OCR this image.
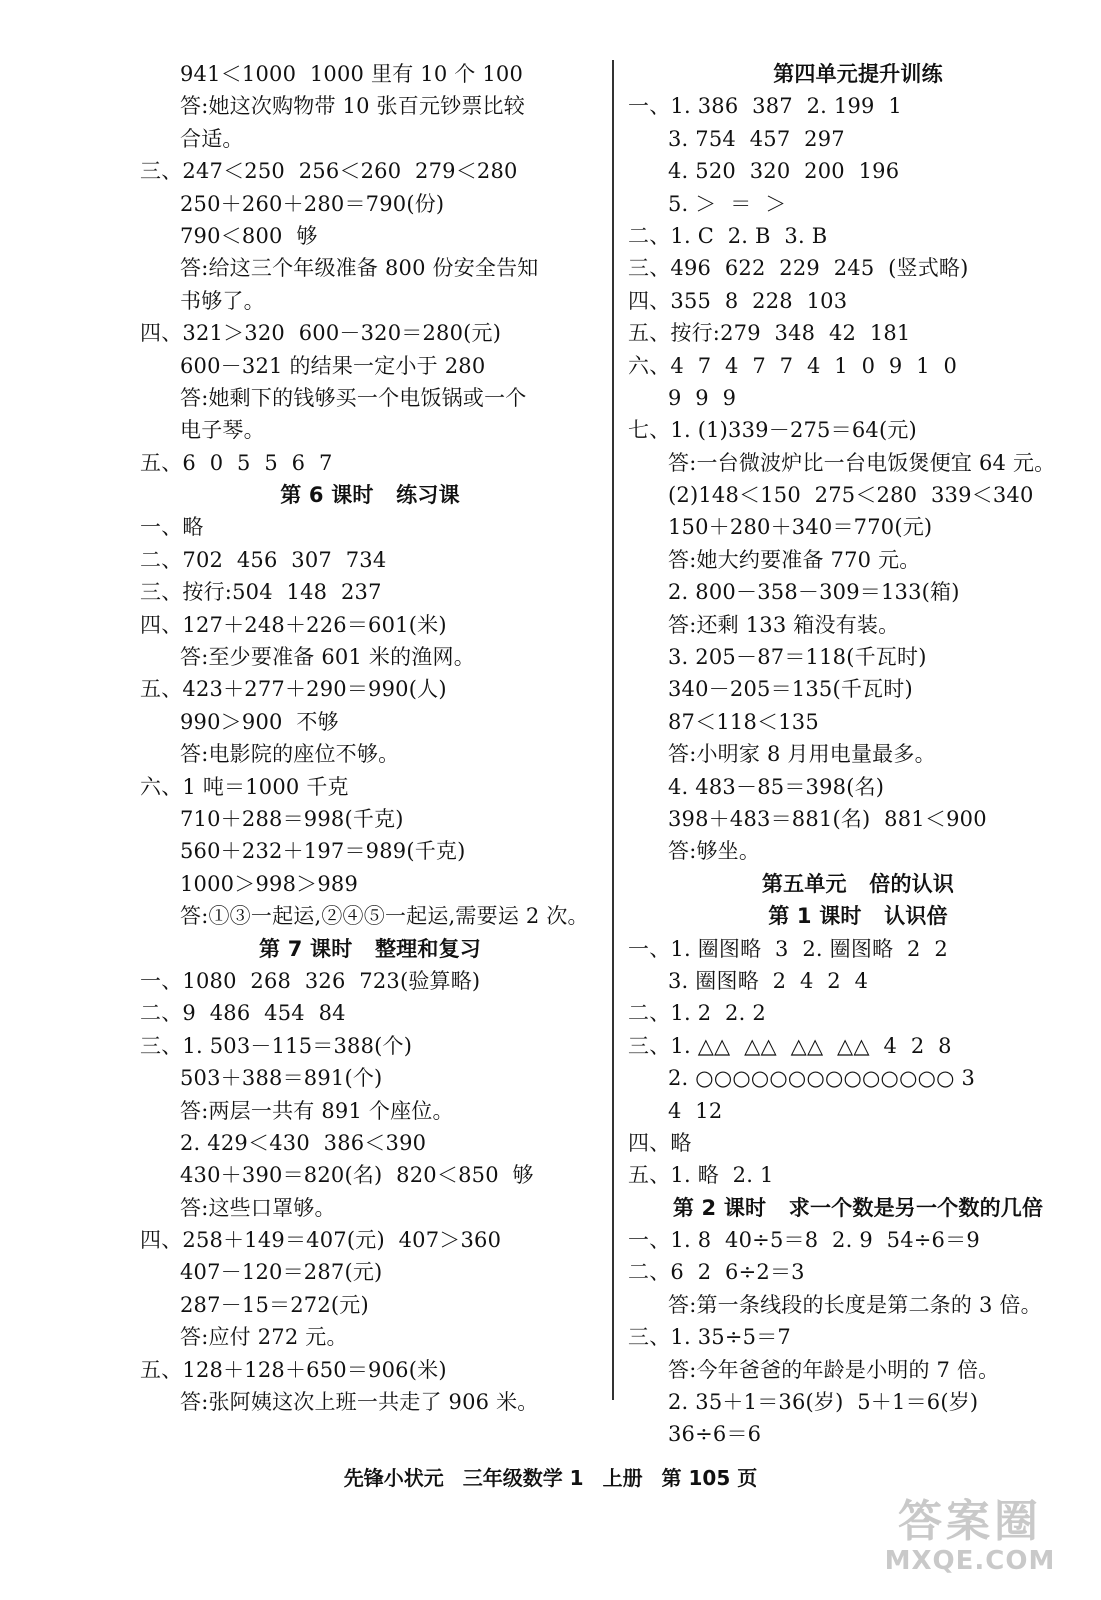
941＜1000  1000 里有 10 个 100
答:她这次购物带 10 张百元钞票比较
合适。
三、247＜250  256＜260  279＜280
250＋260＋280＝790(份)
790＜800  够
答:给这三个年级准备 800 份安全告知
书够了。
四、321＞320  600－320＝280(元)
600－321 的结果一定小于 280
答:她剩下的钱够买一个电饭锅或一个
电子琴。
五、6  0  5  5  6  7
第 6 课时   练习课
一、略
二、702  456  307  734
三、按行:504  148  237
四、127＋248＋226＝601(米)
答:至少要准备 601 米的渔网。
五、423＋277＋290＝990(人)
990＞900  不够
答:电影院的座位不够。
六、1 吨＝1000 千克
710＋288＝998(千克)
560＋232＋197＝989(千克)
1000＞998＞989
答:①③一起运,②④⑤一起运,需要运 2 次。
第 7 课时   整理和复习
一、1080  268  326  723(验算略)
二、9  486  454  84
三、1. 503－115＝388(个)
503＋388＝891(个)
答:两层一共有 891 个座位。
2. 429＜430  386＜390
430＋390＝820(名)  820＜850  够
答:这些口罩够。
四、258＋149＝407(元)  407＞360
407－120＝287(元)
287－15＝272(元)
答:应付 272 元。
五、128＋128＋650＝906(米)
答:张阿姨这次上班一共走了 906 米。
第四单元提升训练
一、1. 386  387  2. 199  1
3. 754  457  297
4. 520  320  200  196
5. ＞  ＝  ＞
二、1. C  2. B  3. B
三、496  622  229  245  (竖式略)
四、355  8  228  103
五、按行:279  348  42  181
六、4  7  4  7  7  4  1  0  9  1  0
9  9  9
七、1. (1)339－275＝64(元)
答:一台微波炉比一台电饭煲便宜 64 元。
(2)148＜150  275＜280  339＜340
150＋280＋340＝770(元)
答:她大约要准备 770 元。
2. 800－358－309＝133(箱)
答:还剩 133 箱没有装。
3. 205－87＝118(千瓦时)
340－205＝135(千瓦时)
87＜118＜135
答:小明家 8 月用电量最多。
4. 483－85＝398(名)
398＋483＝881(名)  881＜900
答:够坐。
第五单元   倍的认识
第 1 课时   认识倍
一、1. 圈图略  3  2. 圈图略  2  2
3. 圈图略  2  4  2  4
二、1. 2  2. 2
三、1. △△  △△  △△  △△  4  2  8
2. ○○○○○○○○○○○○○○ 3
4  12
四、略
五、1. 略  2. 1
第 2 课时   求一个数是另一个数的几倍
一、1. 8  40÷5＝8  2. 9  54÷6＝9
二、6  2  6÷2＝3
答:第一条线段的长度是第二条的 3 倍。
三、1. 35÷5＝7
答:今年爸爸的年龄是小明的 7 倍。
2. 35＋1＝36(岁)  5＋1＝6(岁)
36÷6＝6
先锋小状元 三年级数学 1 上册 第 105 页
答案圈
MXQE.COM
